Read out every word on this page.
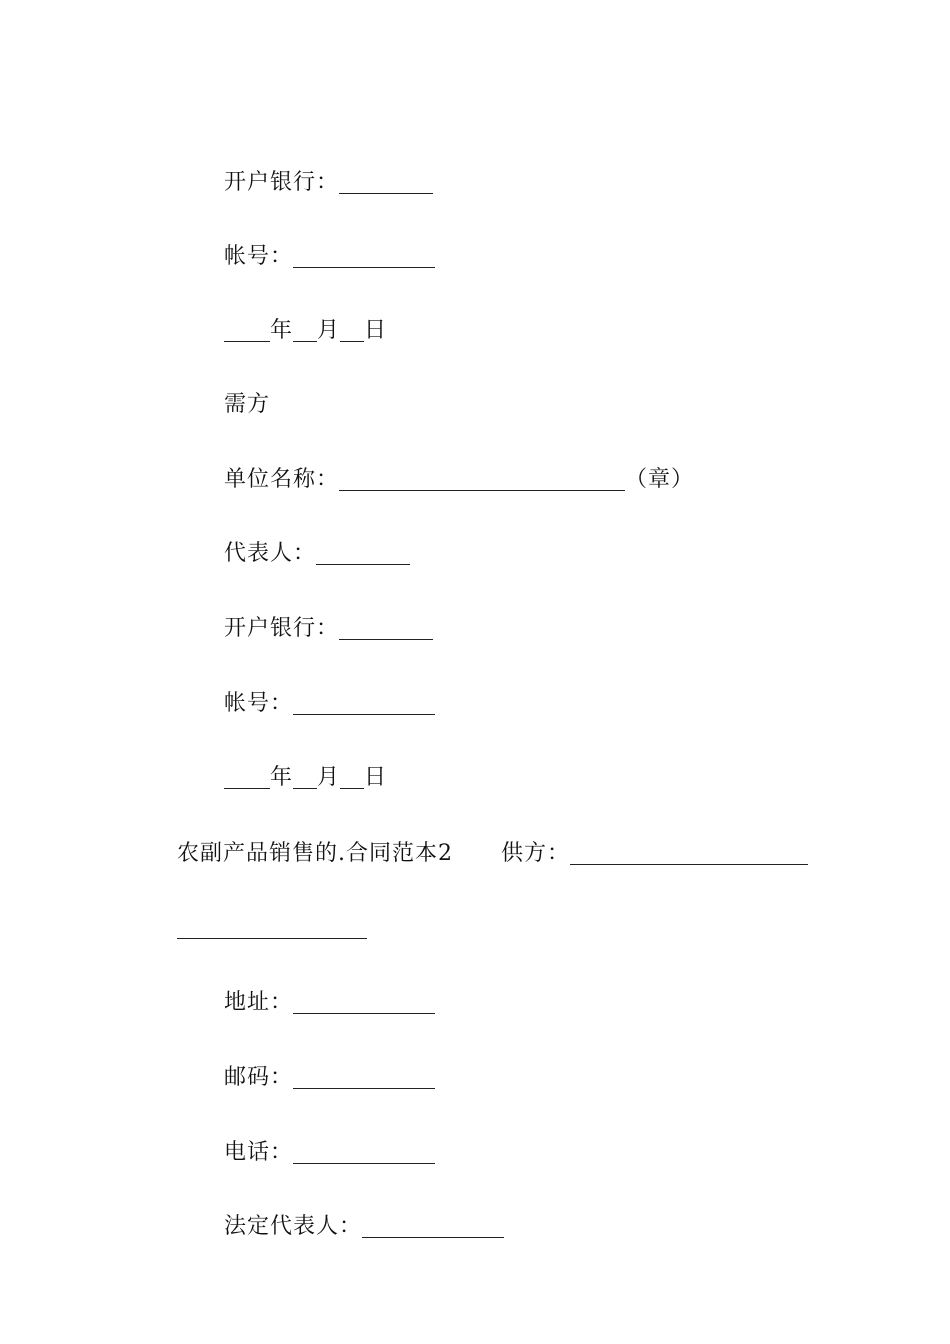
开户银行：

帐号：

年 月 日

需方

单位名称：	（章）

代表人：

开户银行：

帐号：

年 月 日

农副产品销售的.合同范本2 供方：

地址：

邮码：

电话：

法定代表人：
